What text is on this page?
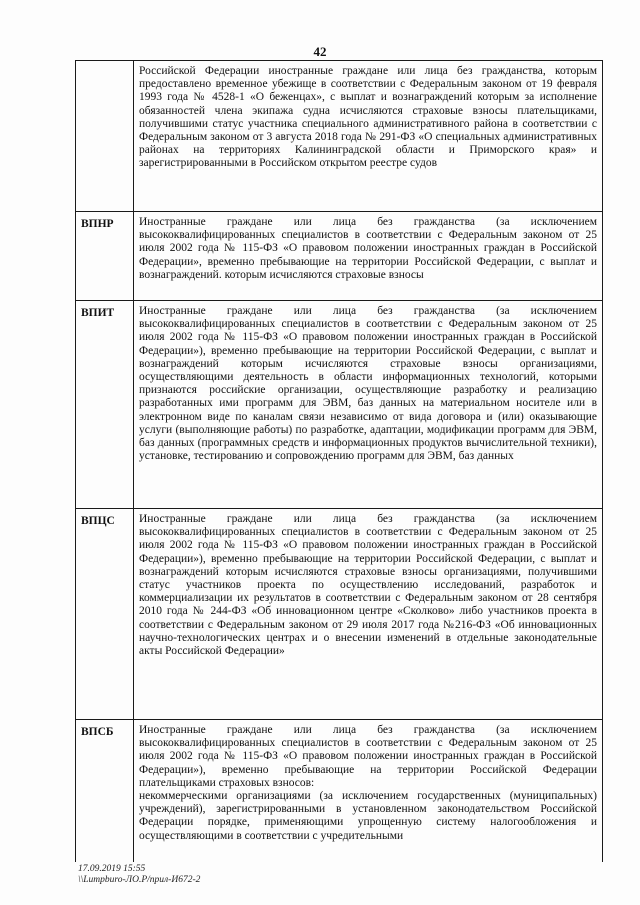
42

	Российской Федерации иностранные граждане или лица без гражданства, которым предоставлено временное убежище в соответствии с Федеральным законом от 19 февраля 1993 года № 4528-1 «О беженцах», с выплат и вознаграждений которым за исполнение обязанностей члена экипажа судна исчисляются страховые взносы плательщиками, получившими статус участника специального административного района в соответствии с Федеральным законом от 3 августа 2018 года № 291-ФЗ «О специальных административных районах на территориях Калининградской области и Приморского края» и зарегистрированными в Российском открытом реестре судов

ВПНР	Иностранные граждане или лица без гражданства (за исключением высококвалифицированных специалистов в соответствии с Федеральным законом от 25 июля 2002 года № 115-ФЗ «О правовом положении иностранных граждан в Российской Федерации», временно пребывающие на территории Российской Федерации, с выплат и вознаграждений. которым исчисляются страховые взносы

ВПИТ	Иностранные граждане или лица без гражданства (за исключением высококвалифицированных специалистов в соответствии с Федеральным законом от 25 июля 2002 года № 115-ФЗ «О правовом положении иностранных граждан в Российской Федерации»), временно пребывающие на территории Российской Федерации, с выплат и вознаграждений которым исчисляются страховые взносы организациями, осуществляющими деятельность в области информационных технологий, которыми признаются российские организации, осуществляющие разработку и реализацию разработанных ими программ для ЭВМ, баз данных на материальном носителе или в электронном виде по каналам связи независимо от вида договора и (или) оказывающие услуги (выполняющие работы) по разработке, адаптации, модификации программ для ЭВМ, баз данных (программных средств и информационных продуктов вычислительной техники), установке, тестированию и сопровождению программ для ЭВМ, баз данных

ВПЦС	Иностранные граждане или лица без гражданства (за исключением высококвалифицированных специалистов в соответствии с Федеральным законом от 25 июля 2002 года № 115-ФЗ «О правовом положении иностранных граждан в Российской Федерации»), временно пребывающие на территории Российской Федерации, с выплат и вознаграждений которым исчисляются страховые взносы организациями, получившими статус участников проекта по осуществлению исследований, разработок и коммерциализации их результатов в соответствии с Федеральным законом от 28 сентября 2010 года № 244-ФЗ «Об инновационном центре «Сколково» либо участников проекта в соответствии с Федеральным законом от 29 июля 2017 года №216-ФЗ «Об инновационных научно-технологических центрах и о внесении изменений в отдельные законодательные акты Российской Федерации»

ВПСБ	Иностранные граждане или лица без гражданства (за исключением высококвалифицированных специалистов в соответствии с Федеральным законом от 25 июля 2002 года № 115-ФЗ «О правовом положении иностранных граждан в Российской Федерации»), временно пребывающие на территории Российской Федерации плательщиками страховых взносов:

некоммерческими организациями (за исключением государственных (муниципальных) учреждений), зарегистрированными в установленном законодательством Российской Федерации порядке, применяющими упрощенную систему налогообложения и осуществляющими в соответствии с учредительными

17.09.2019 15:55
\\Lumpburo-ЛО.Р/прил-И672-2
